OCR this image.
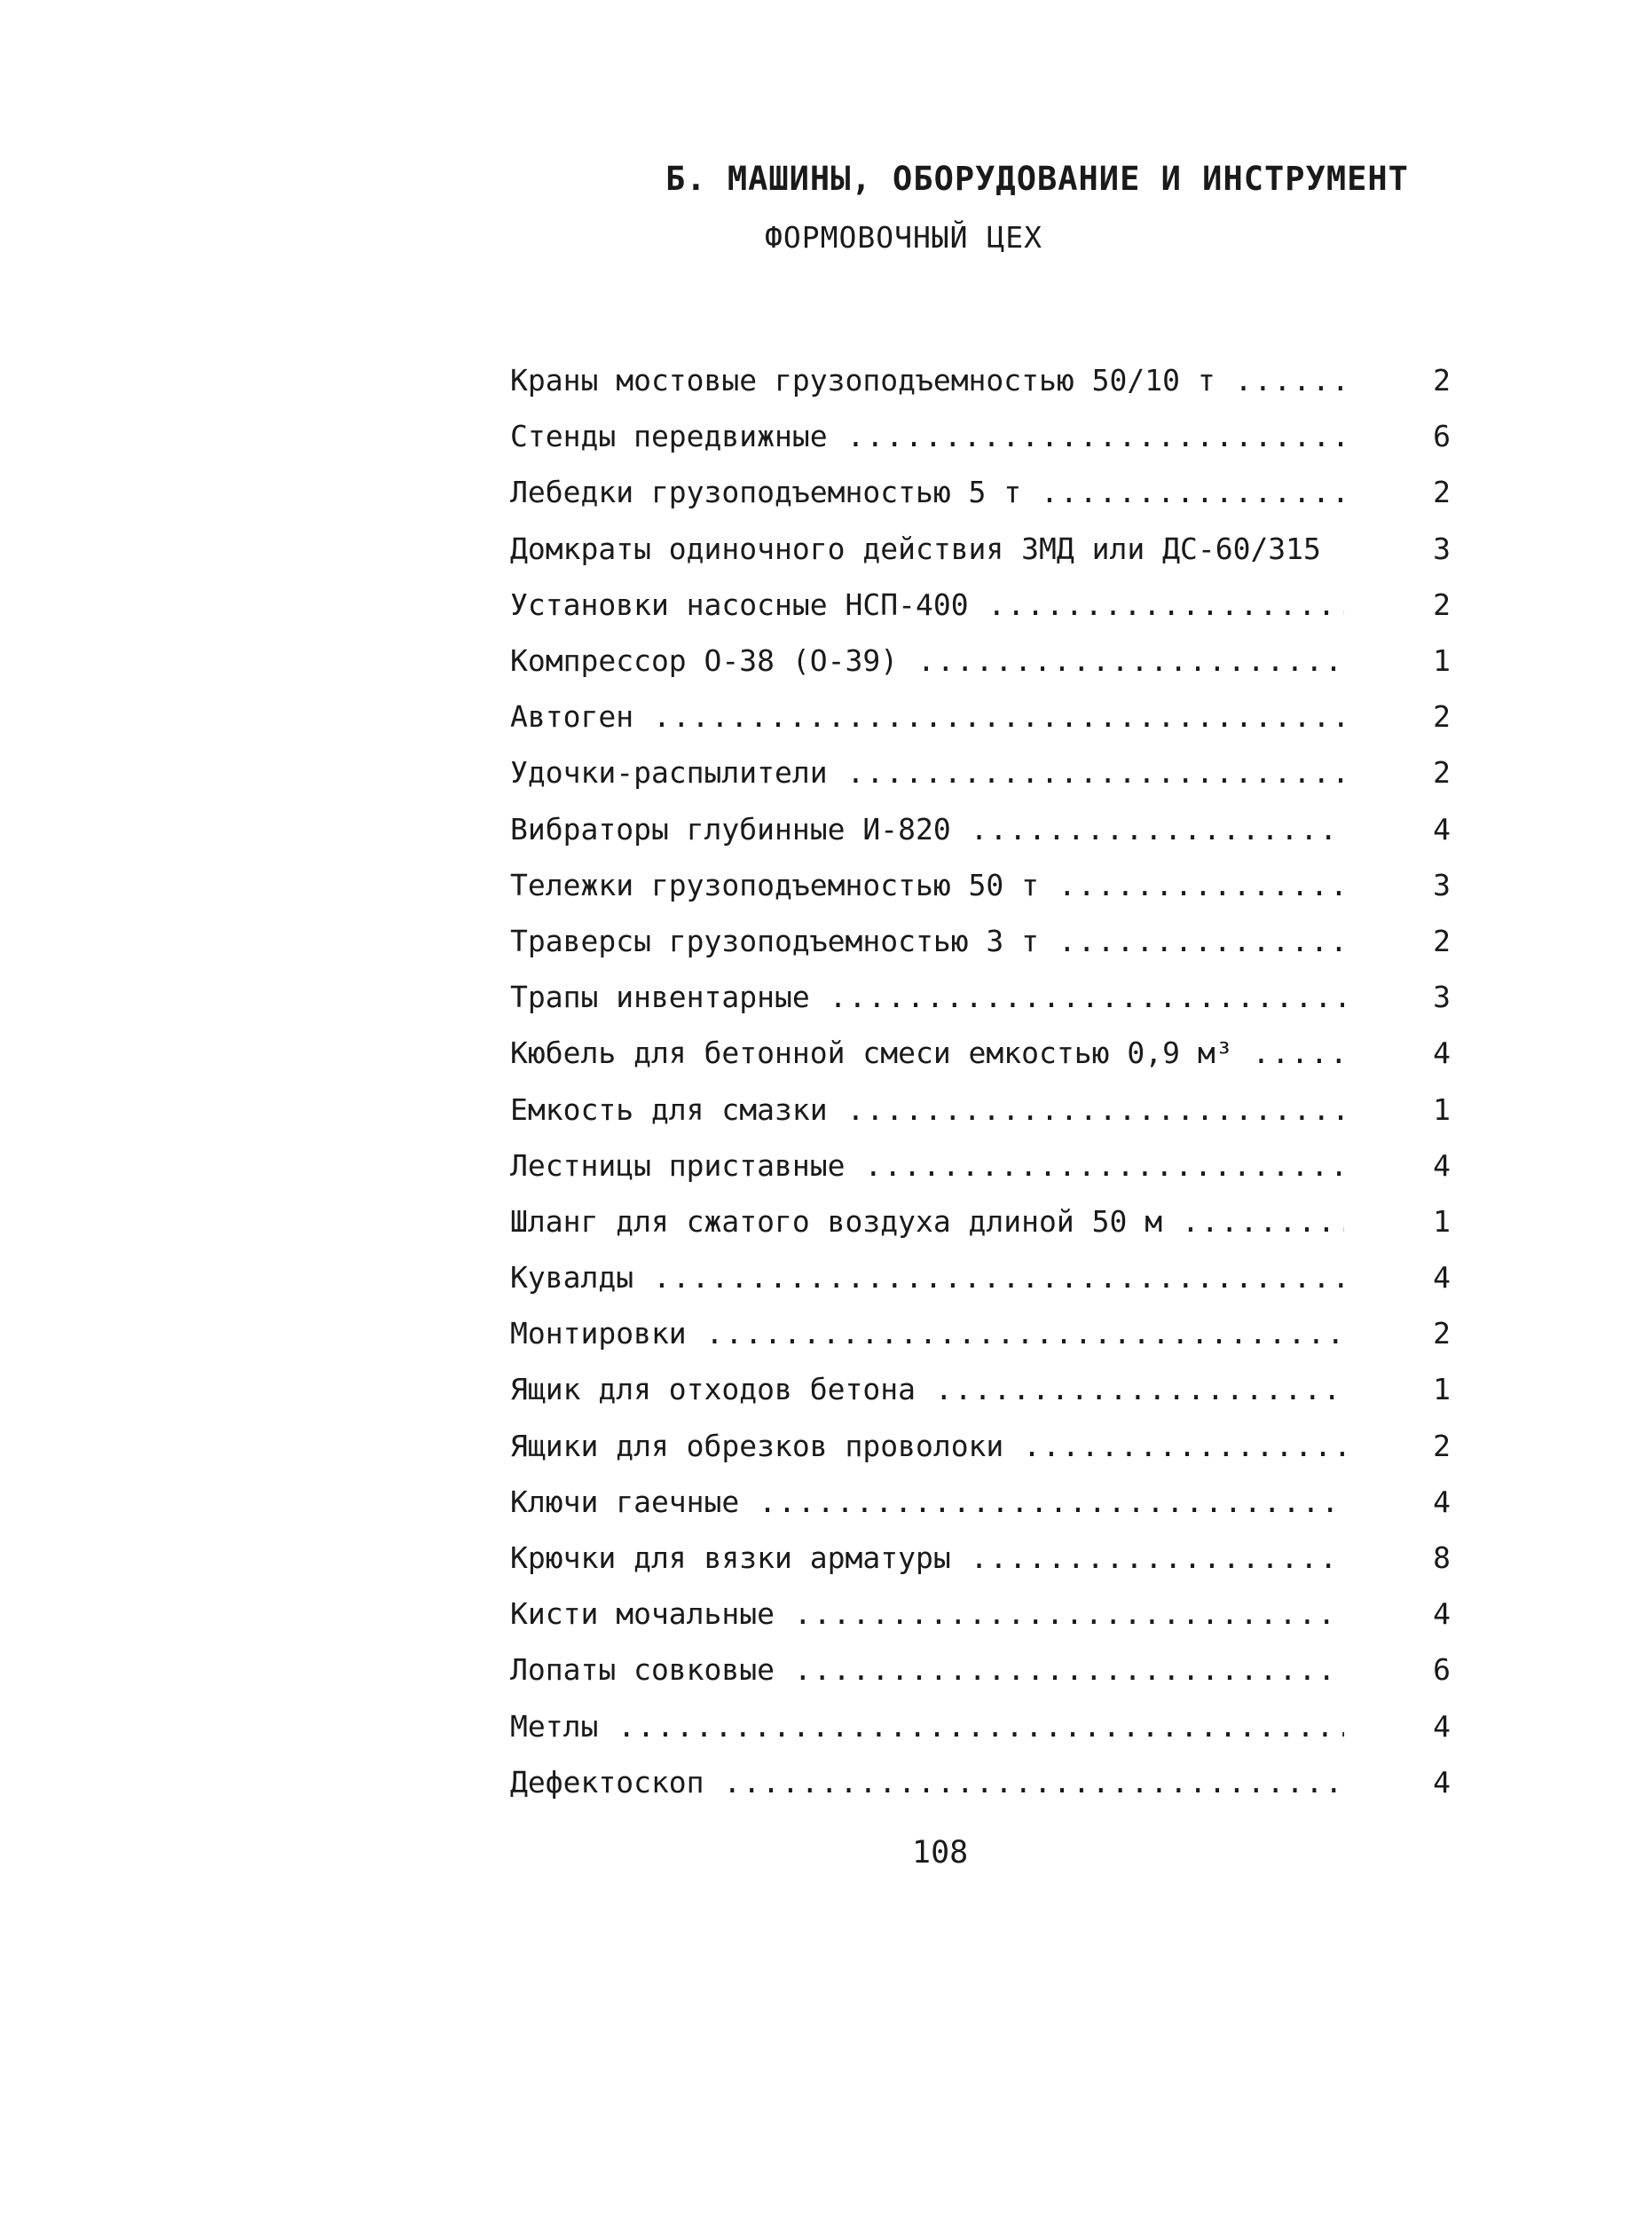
Б. МАШИНЫ, ОБОРУДОВАНИЕ И ИНСТРУМЕНТ
ФОРМОВОЧНЫЙ ЦЕХ
Краны мостовые грузоподъемностью 50/10 т .....	2
Стенды передвижные .....	6
Лебедки грузоподъемностью 5 т .....	2
Домкраты одиночного действия ЗМД или ДС-60/315 .....	3
Установки насосные НСП-400 .....	2
Компрессор О-38 (О-39) .....	1
Автоген .....	2
Удочки-распылители .....	2
Вибраторы глубинные И-820 .....	4
Тележки грузоподъемностью 50 т .....	3
Траверсы грузоподъемностью 3 т .....	2
Трапы инвентарные .....	3
Кюбель для бетонной смеси емкостью 0,9 м³ .....	4
Емкость для смазки .....	1
Лестницы приставные .....	4
Шланг для сжатого воздуха длиной 50 м .....	1
Кувалды .....	4
Монтировки .....	2
Ящик для отходов бетона .....	1
Ящики для обрезков проволоки .....	2
Ключи гаечные .....	4
Крючки для вязки арматуры .....	8
Кисти мочальные .....	4
Лопаты совковые .....	6
Метлы .....	4
Дефектоскоп .....	4
108
